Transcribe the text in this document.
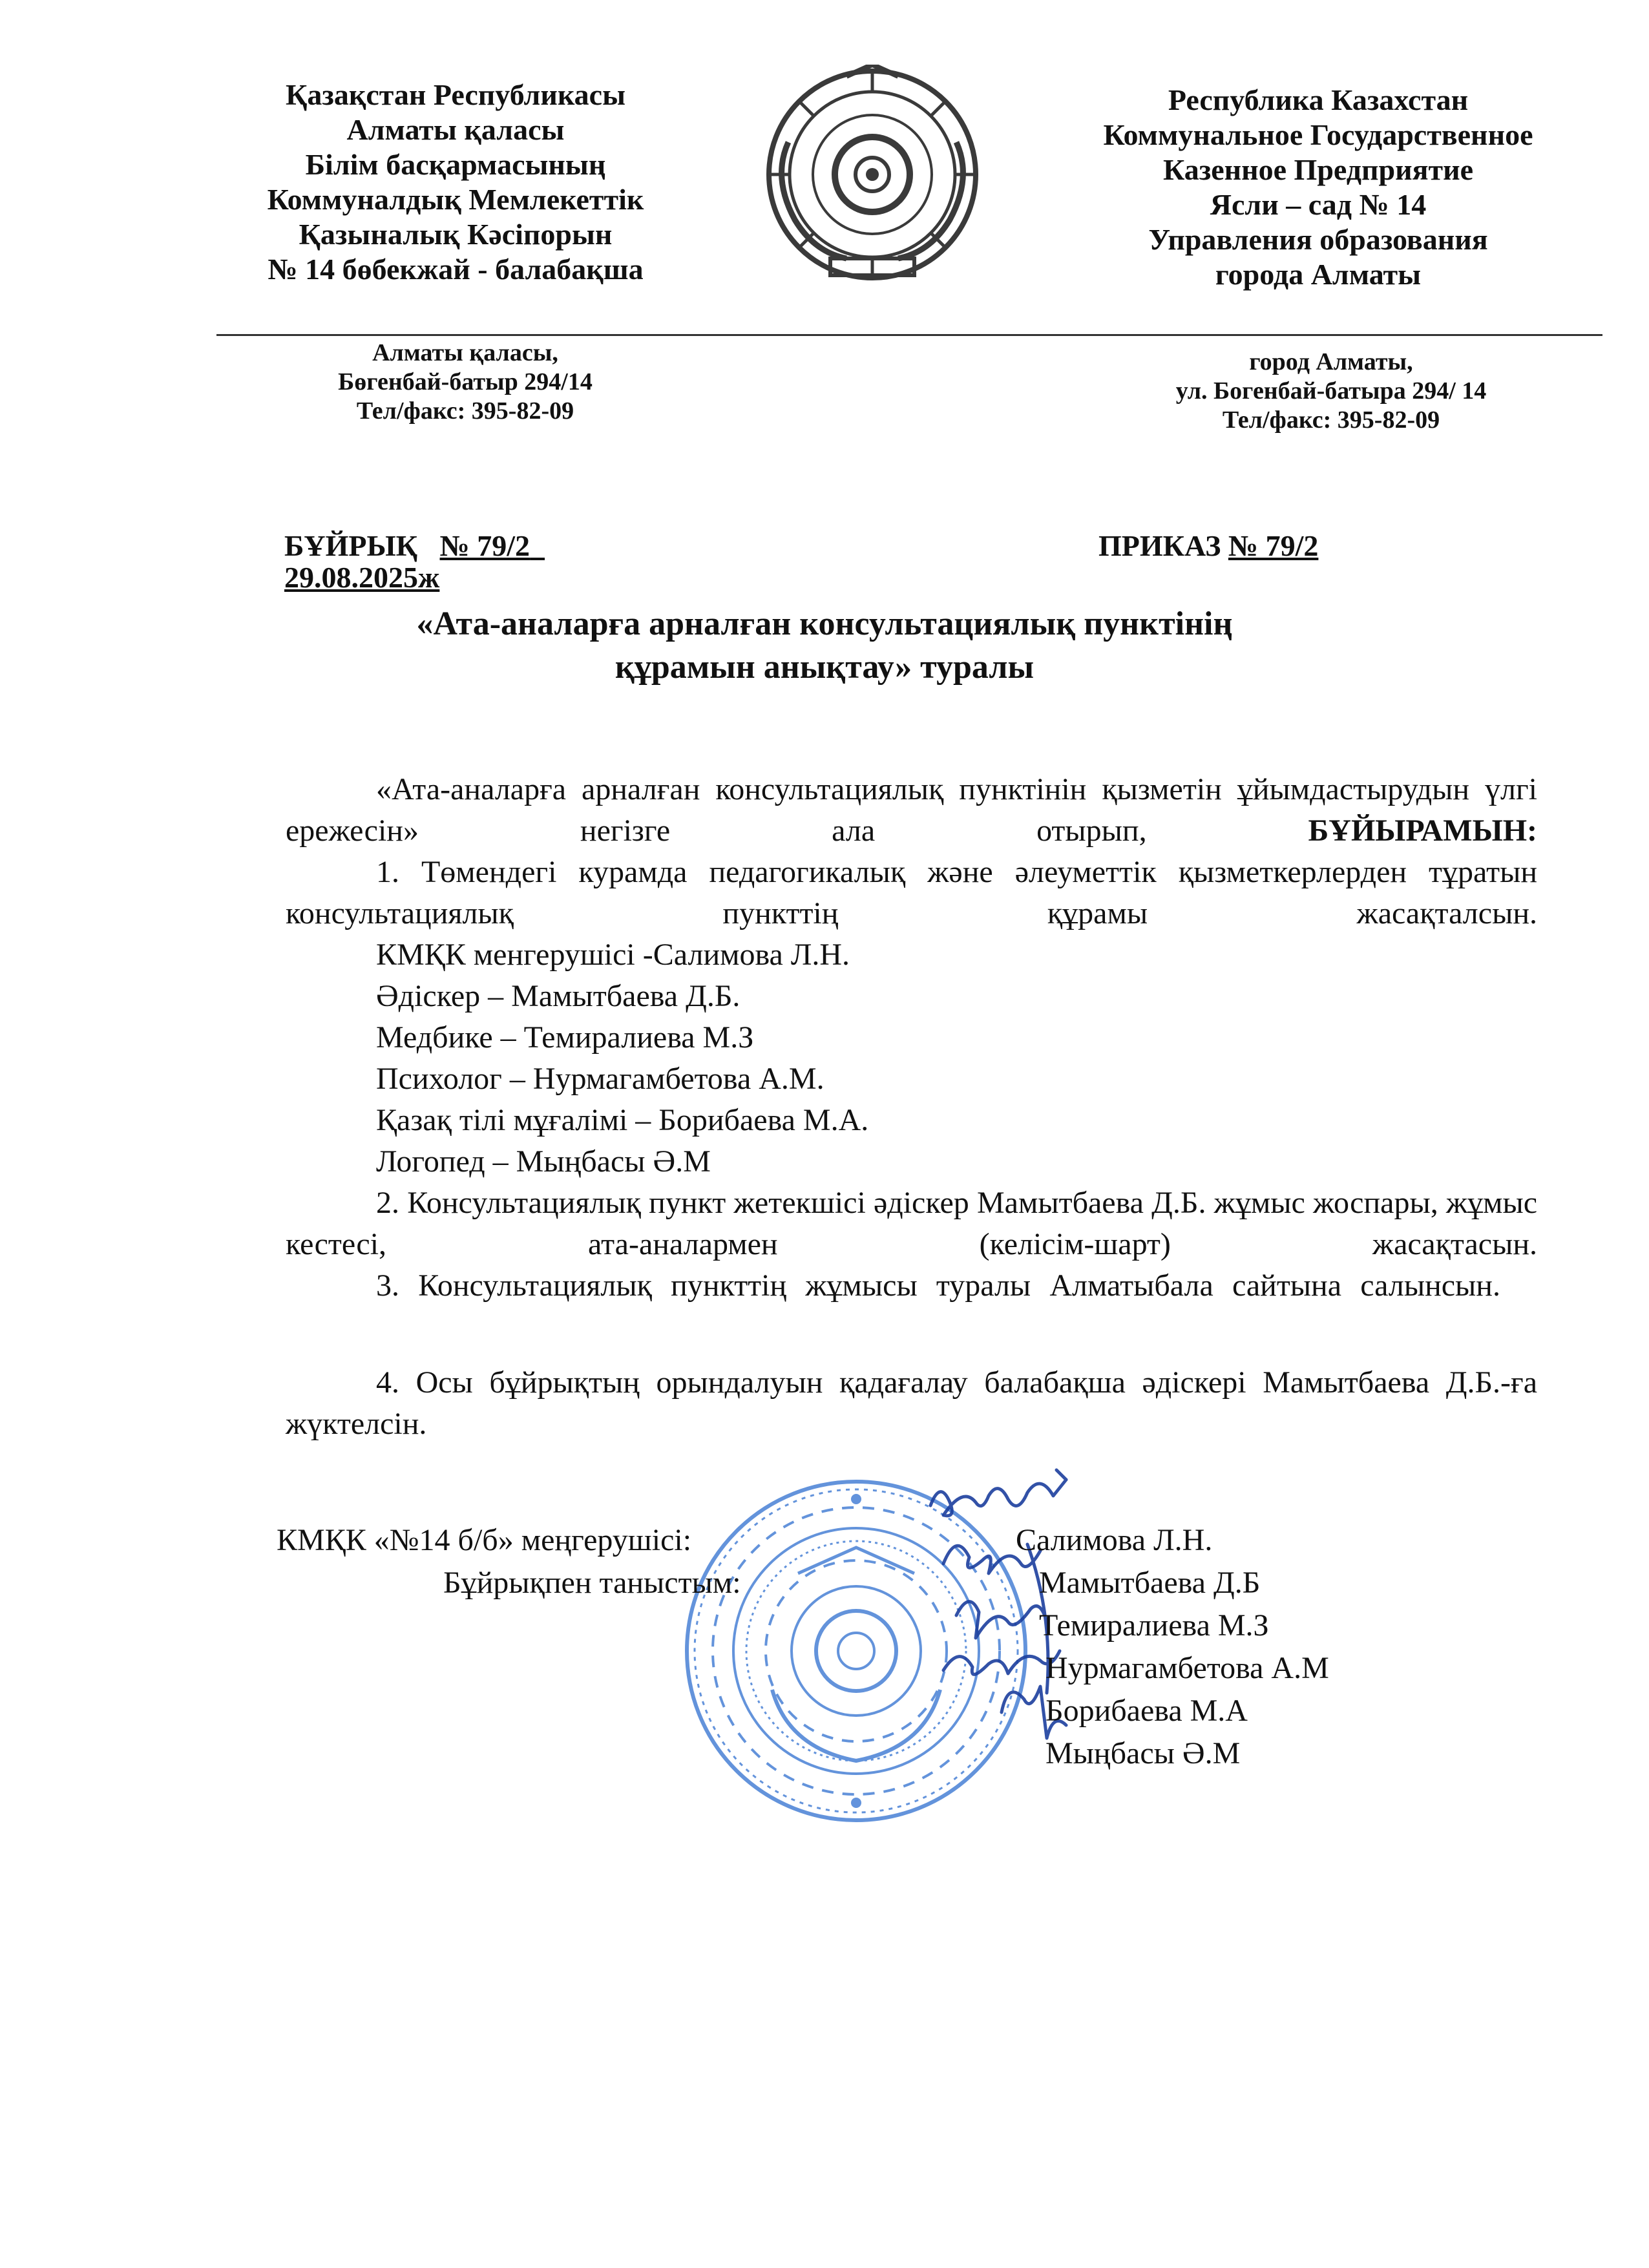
Қазақстан Республикасы
Алматы қаласы
Білім басқармасының
Коммуналдық Мемлекеттік
Қазыналық Кәсіпорын
№ 14 бөбекжай - балабақша
Республика Казахстан
Коммунальное Государственное
Казенное Предприятие
Ясли – сад № 14
Управления образования
города Алматы
Алматы қаласы,
Бөгенбай-батыр 294/14
Тел/факс: 395-82-09
город Алматы,
ул. Богенбай-батыра 294/ 14
Тел/факс: 395-82-09
БҰЙРЫҚ № 79/2
29.08.2025ж
ПРИКАЗ № 79/2
«Ата-аналарға арналған консультациялық пунктінің
құрамын анықтау» туралы
«Ата-аналарға арналған консультациялық пунктінін қызметін ұйымдастырудын үлгі ережесін» негізге ала отырып,	БҰЙЫРАМЫН:
1. Төмендегі курамда педагогикалық және әлеуметтік қызметкерлерден тұратын консультациялық пункттің құрамы жасақталсын.
КМҚК менгерушісі -Салимова Л.Н.
Әдіскер – Мамытбаева Д.Б.
Медбике – Темиралиева М.З
Психолог – Нурмагамбетова А.М.
Қазақ тілі мұғалімі – Борибаева М.А.
Логопед – Мыңбасы Ә.М
2. Консультациялық пункт жетекшісі әдіскер Мамытбаева Д.Б. жұмыс жоспары, жұмыс кестесі, ата-аналармен (келісім-шарт) жасақтасын.
3. Консультациялық пункттің жұмысы туралы Алматыбала сайтына салынсын.
4. Осы бұйрықтың орындалуын қадағалау балабақша әдіскері Мамытбаева Д.Б.-ға жүктелсін.
КМҚК «№14 б/б» меңгерушісі:	Салимова Л.Н.
Бұйрықпен таныстым:	Мамытбаева Д.Б
Темиралиева М.З
Нурмагамбетова А.М
Борибаева М.А
Мыңбасы Ә.М
